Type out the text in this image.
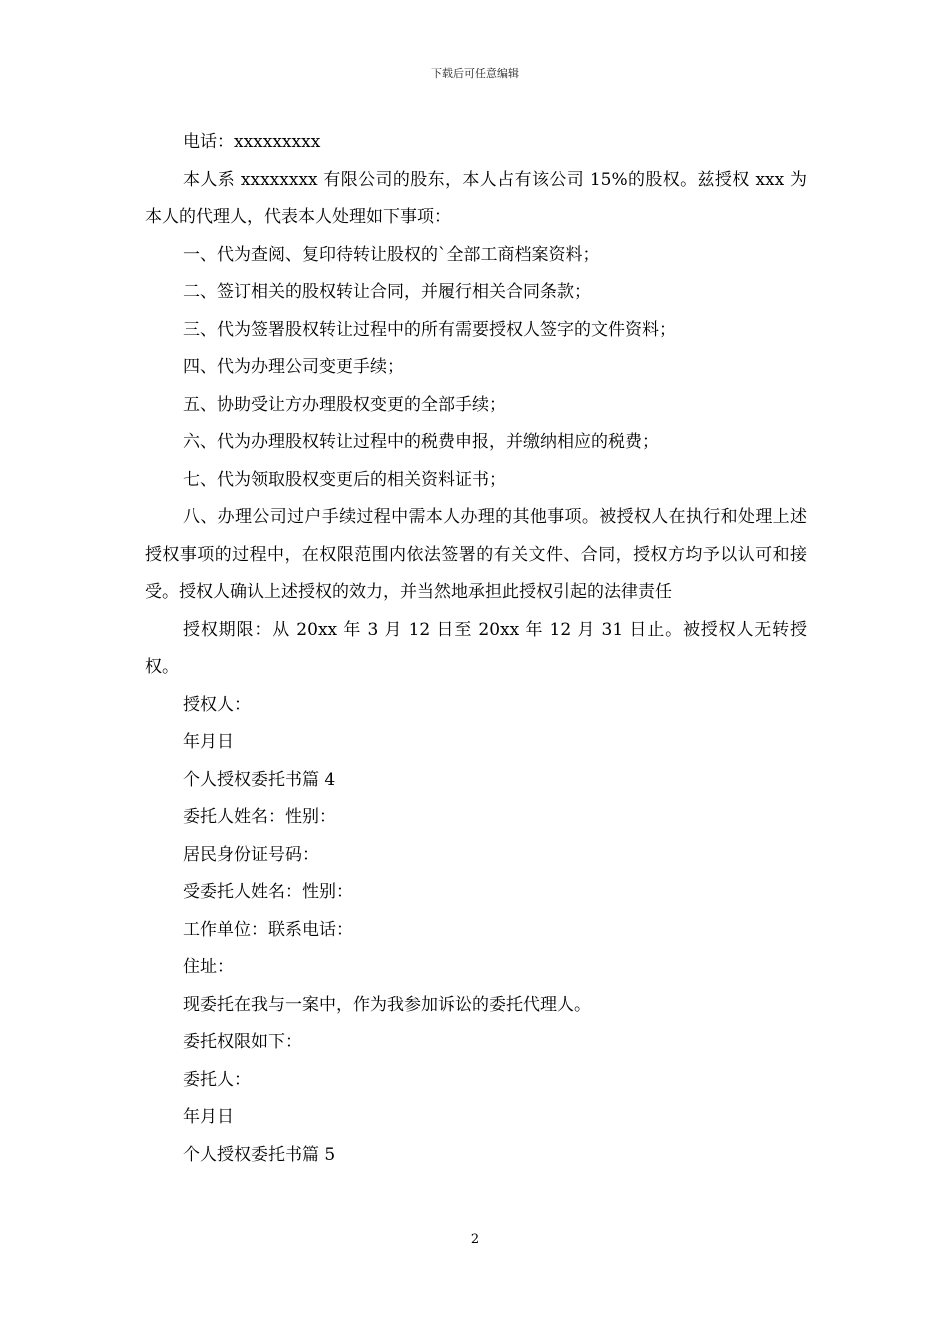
下载后可任意编辑

电话：xxxxxxxxx

本人系 xxxxxxxx 有限公司的股东，本人占有该公司 15%的股权。兹授权 xxx 为本人的代理人，代表本人处理如下事项：

一、代为查阅、复印待转让股权的`全部工商档案资料；

二、签订相关的股权转让合同，并履行相关合同条款；

三、代为签署股权转让过程中的所有需要授权人签字的文件资料；

四、代为办理公司变更手续；

五、协助受让方办理股权变更的全部手续；

六、代为办理股权转让过程中的税费申报，并缴纳相应的税费；

七、代为领取股权变更后的相关资料证书；

八、办理公司过户手续过程中需本人办理的其他事项。被授权人在执行和处理上述授权事项的过程中，在权限范围内依法签署的有关文件、合同，授权方均予以认可和接受。授权人确认上述授权的效力，并当然地承担此授权引起的法律责任

授权期限：从 20xx 年 3 月 12 日至 20xx 年 12 月 31 日止。被授权人无转授权。

授权人：

年月日

个人授权委托书篇 4

委托人姓名：性别：

居民身份证号码：

受委托人姓名：性别：

工作单位：联系电话：

住址：

现委托在我与一案中，作为我参加诉讼的委托代理人。

委托权限如下：

委托人：

年月日

个人授权委托书篇 5

2
